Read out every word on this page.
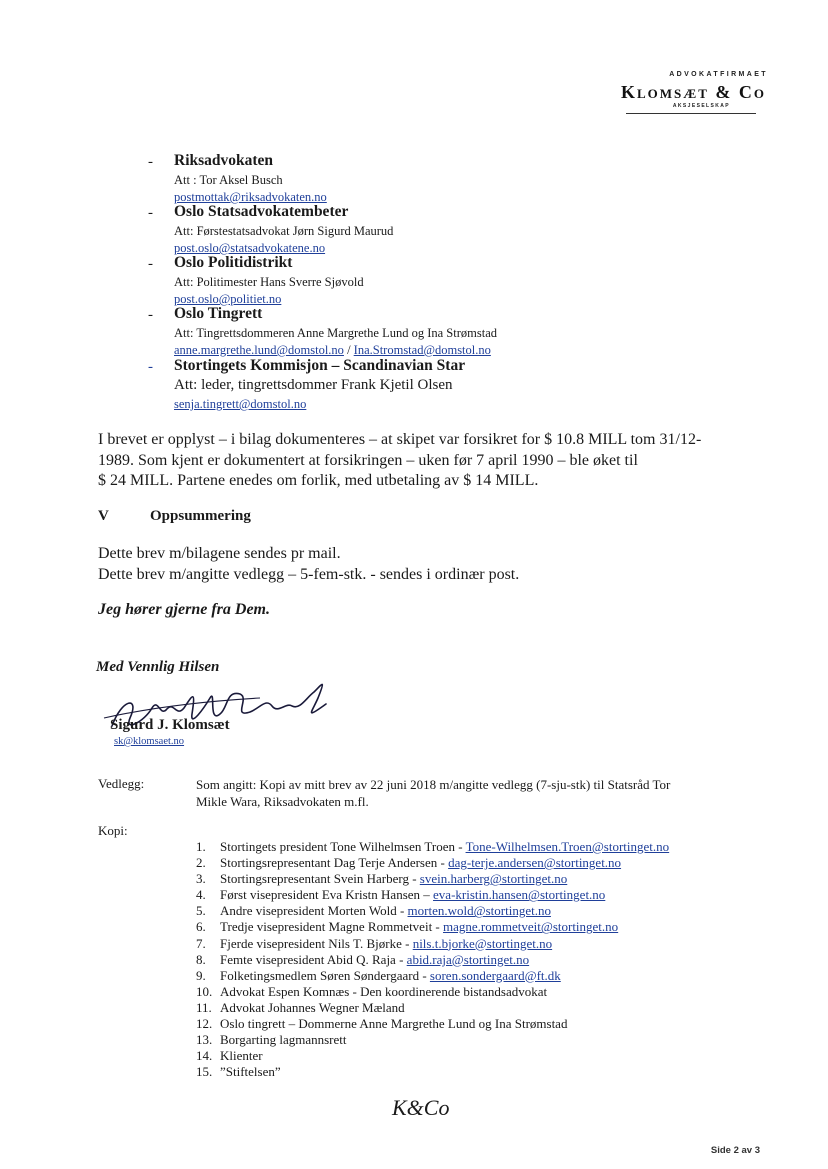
ADVOKATFIRMAET
Klomsæt & Co
AKSJESELSKAP
- Riksadvokaten
Att : Tor Aksel Busch
postmottak@riksadvokaten.no
- Oslo Statsadvokatembeter
Att: Førstestatsadvokat Jørn Sigurd Maurud
post.oslo@statsadvokatene.no
- Oslo Politidistrikt
Att: Politimester Hans Sverre Sjøvold
post.oslo@politiet.no
- Oslo Tingrett
Att: Tingrettsdommeren Anne Margrethe Lund og Ina Strømstad
anne.margrethe.lund@domstol.no / Ina.Stromstad@domstol.no
- Stortingets Kommisjon – Scandinavian Star
Att: leder, tingrettsdommer Frank Kjetil Olsen
senja.tingrett@domstol.no
I brevet er opplyst – i bilag dokumenteres – at skipet var forsikret for $ 10.8 MILL tom 31/12-
1989. Som kjent er dokumentert at forsikringen – uken før 7 april 1990 – ble øket til
$ 24 MILL. Partene enedes om forlik, med utbetaling av $ 14 MILL.
V	Oppsummering
Dette brev m/bilagene sendes pr mail.
Dette brev m/angitte vedlegg – 5-fem-stk. - sendes i ordinær post.
Jeg hører gjerne fra Dem.
Med Vennlig Hilsen
Sigurd J. Klomsæt
sk@klomsaet.no
Vedlegg:	Som angitt: Kopi av mitt brev av 22 juni 2018 m/angitte vedlegg (7-sju-stk) til Statsråd Tor
Mikle Wara, Riksadvokaten m.fl.
Kopi:
1. Stortingets president Tone Wilhelmsen Troen - Tone-Wilhelmsen.Troen@stortinget.no
2. Stortingsrepresentant Dag Terje Andersen - dag-terje.andersen@stortinget.no
3. Stortingsrepresentant Svein Harberg - svein.harberg@stortinget.no
4. Først visepresident Eva Kristn Hansen – eva-kristin.hansen@stortinget.no
5. Andre visepresident Morten Wold - morten.wold@stortinget.no
6. Tredje visepresident Magne Rommetveit - magne.rommetveit@stortinget.no
7. Fjerde visepresident Nils T. Bjørke - nils.t.bjorke@stortinget.no
8. Femte visepresident Abid Q. Raja - abid.raja@stortinget.no
9. Folketingsmedlem Søren Søndergaard - soren.sondergaard@ft.dk
10. Advokat Espen Komnæs - Den koordinerende bistandsadvokat
11. Advokat Johannes Wegner Mæland
12. Oslo tingrett – Dommerne Anne Margrethe Lund og Ina Strømstad
13. Borgarting lagmannsrett
14. Klienter
15. ”Stiftelsen”
K&Co
Side 2 av 3
